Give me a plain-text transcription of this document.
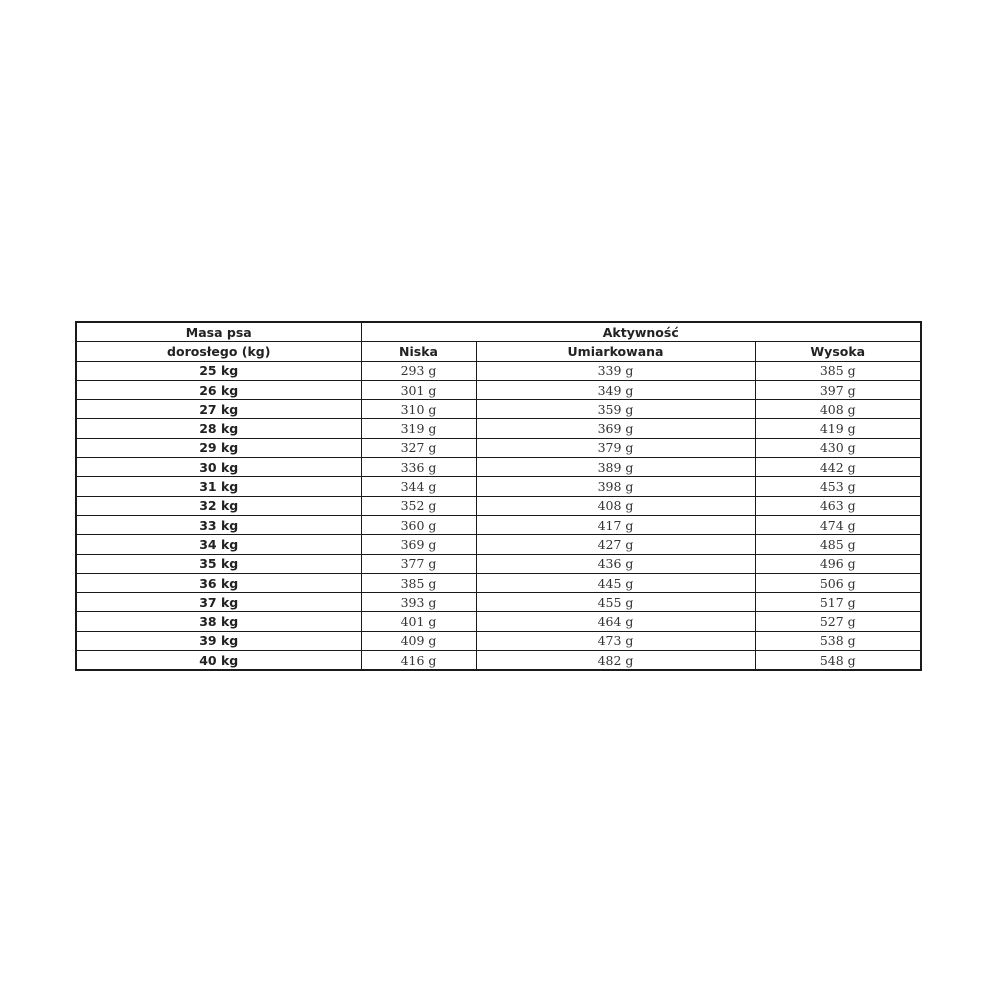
Masa psa	Aktywność		
dorosłego (kg)	Niska	Umiarkowana	Wysoka
25 kg	293 g	339 g	385 g
26 kg	301 g	349 g	397 g
27 kg	310 g	359 g	408 g
28 kg	319 g	369 g	419 g
29 kg	327 g	379 g	430 g
30 kg	336 g	389 g	442 g
31 kg	344 g	398 g	453 g
32 kg	352 g	408 g	463 g
33 kg	360 g	417 g	474 g
34 kg	369 g	427 g	485 g
35 kg	377 g	436 g	496 g
36 kg	385 g	445 g	506 g
37 kg	393 g	455 g	517 g
38 kg	401 g	464 g	527 g
39 kg	409 g	473 g	538 g
40 kg	416 g	482 g	548 g
